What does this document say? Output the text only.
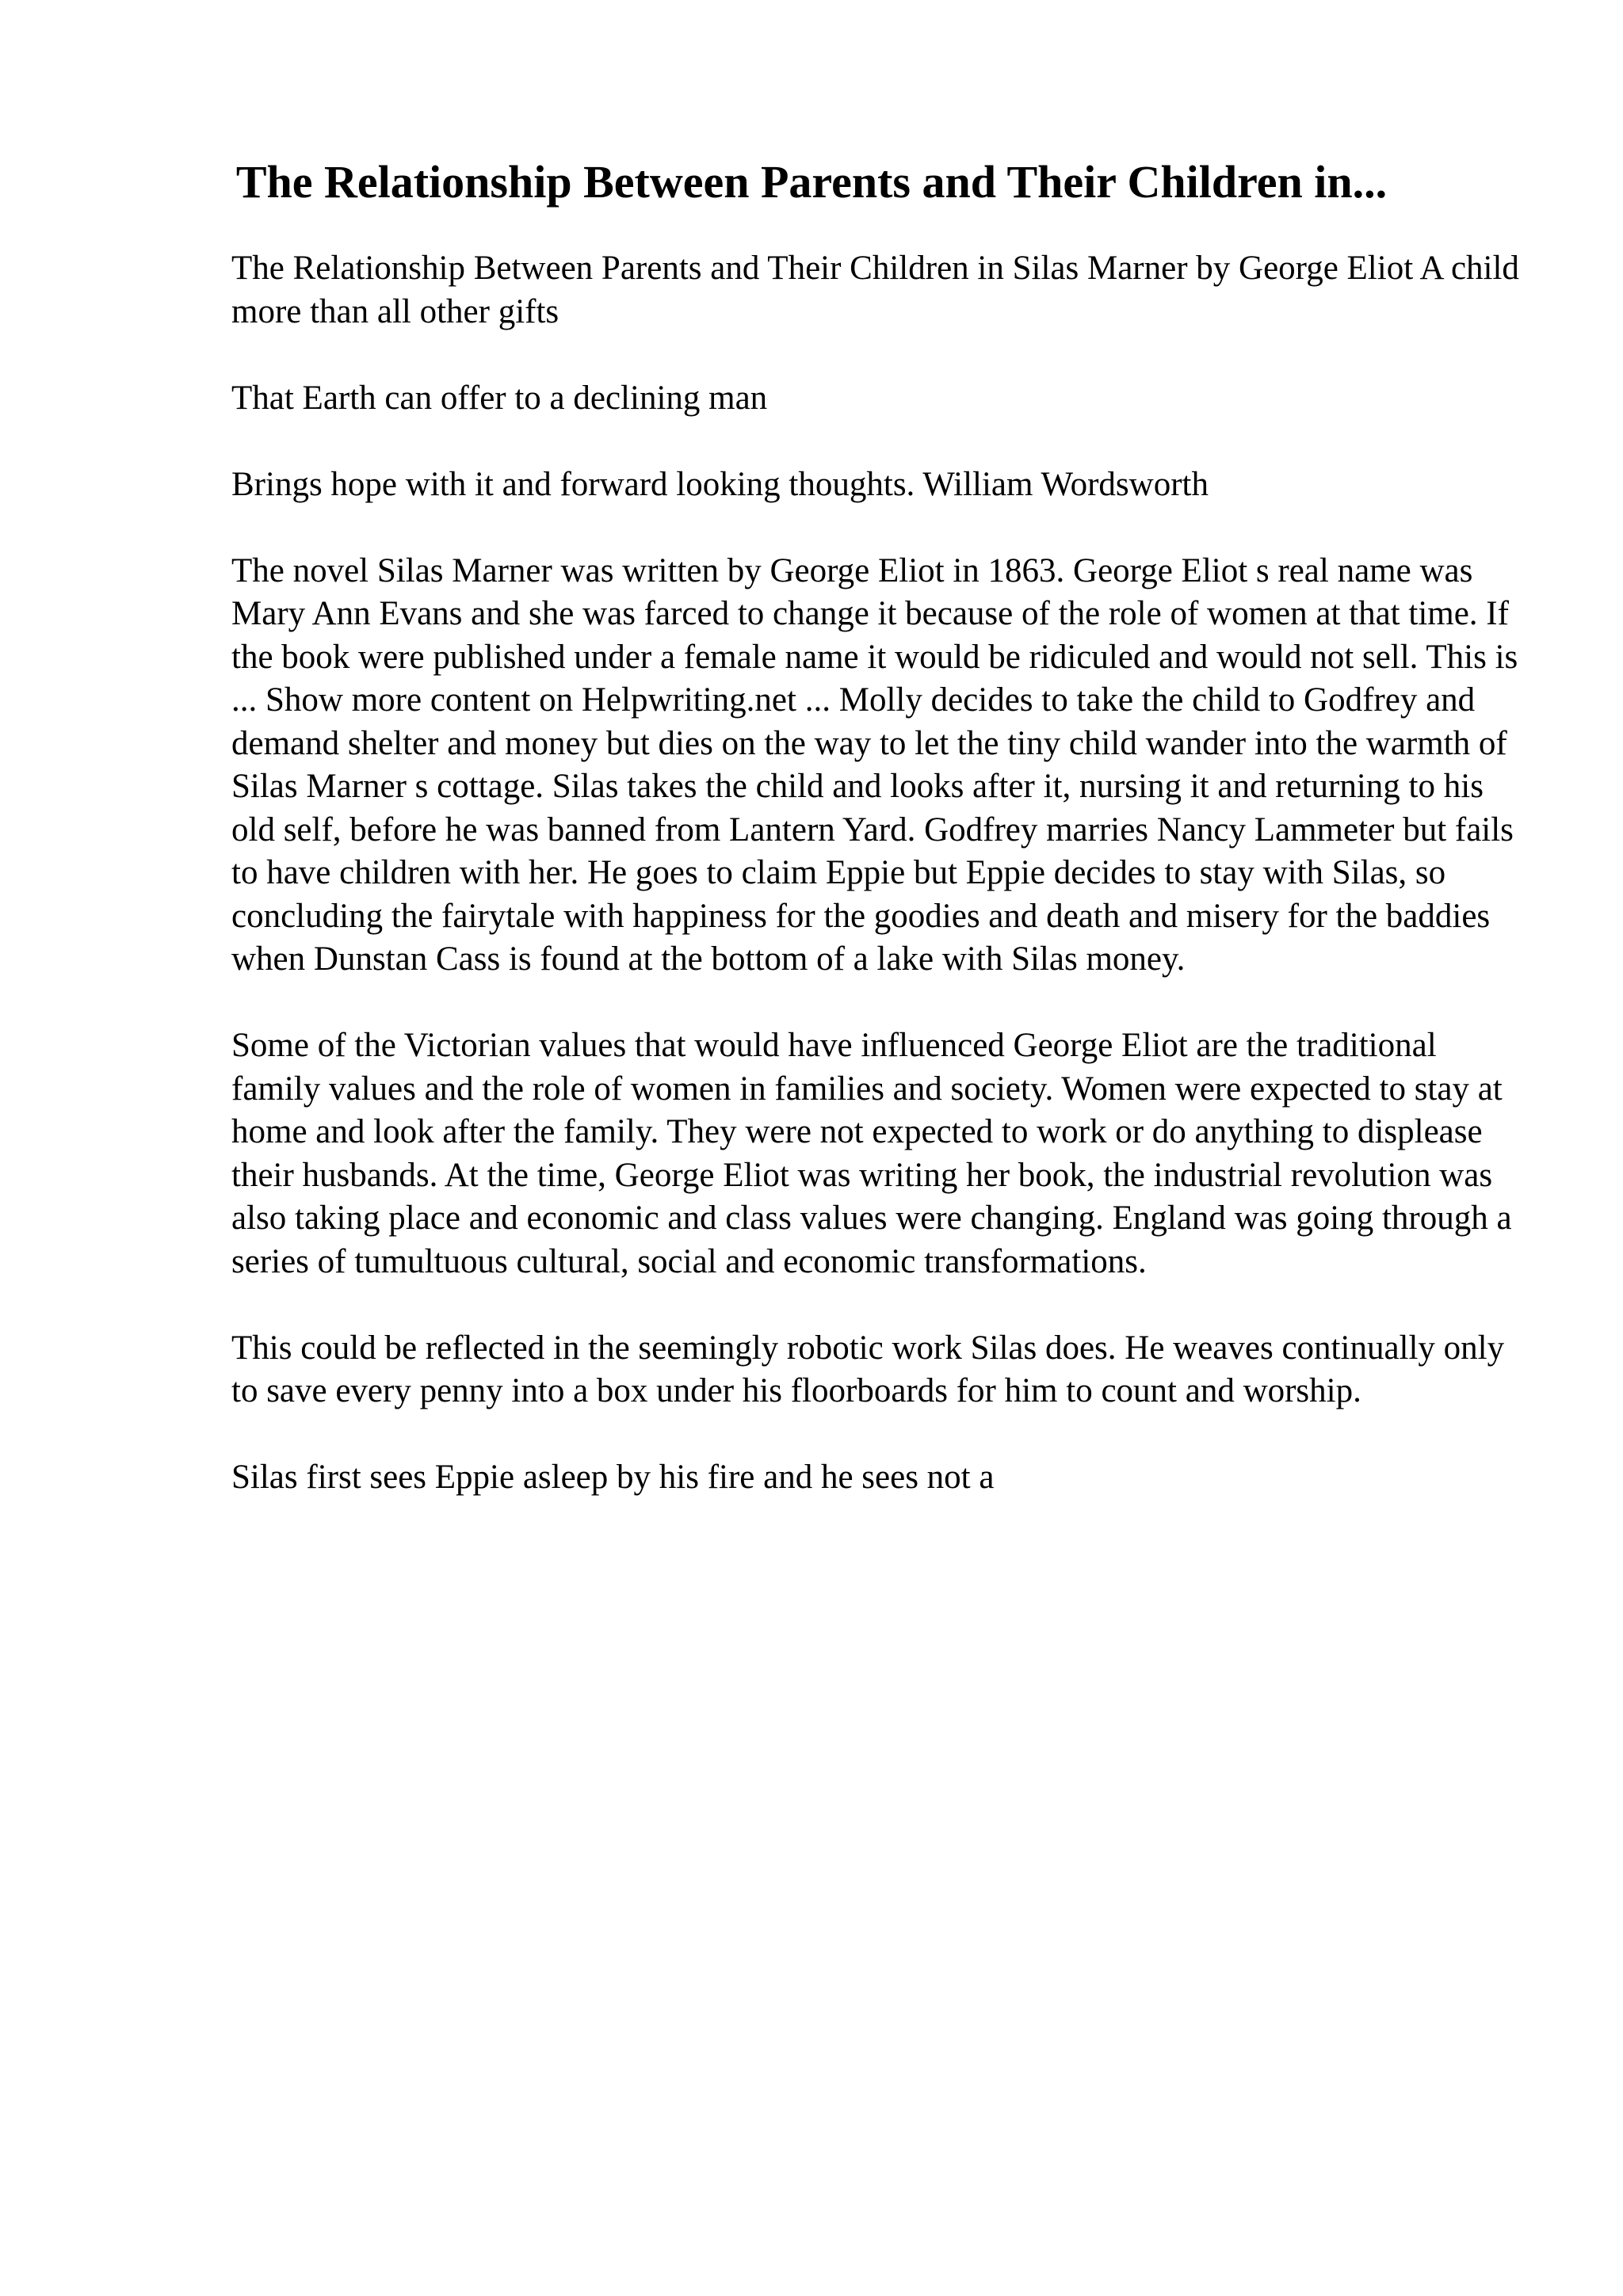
The Relationship Between Parents and Their Children in...

The Relationship Between Parents and Their Children in Silas Marner by George Eliot A child more than all other gifts

That Earth can offer to a declining man

Brings hope with it and forward looking thoughts. William Wordsworth

The novel Silas Marner was written by George Eliot in 1863. George Eliot s real name was Mary Ann Evans and she was farced to change it because of the role of women at that time. If the book were published under a female name it would be ridiculed and would not sell. This is ... Show more content on Helpwriting.net ... Molly decides to take the child to Godfrey and demand shelter and money but dies on the way to let the tiny child wander into the warmth of Silas Marner s cottage. Silas takes the child and looks after it, nursing it and returning to his old self, before he was banned from Lantern Yard. Godfrey marries Nancy Lammeter but fails to have children with her. He goes to claim Eppie but Eppie decides to stay with Silas, so concluding the fairytale with happiness for the goodies and death and misery for the baddies when Dunstan Cass is found at the bottom of a lake with Silas money.

Some of the Victorian values that would have influenced George Eliot are the traditional family values and the role of women in families and society. Women were expected to stay at home and look after the family. They were not expected to work or do anything to displease their husbands. At the time, George Eliot was writing her book, the industrial revolution was also taking place and economic and class values were changing. England was going through a series of tumultuous cultural, social and economic transformations.

This could be reflected in the seemingly robotic work Silas does. He weaves continually only to save every penny into a box under his floorboards for him to count and worship.

Silas first sees Eppie asleep by his fire and he sees not a
